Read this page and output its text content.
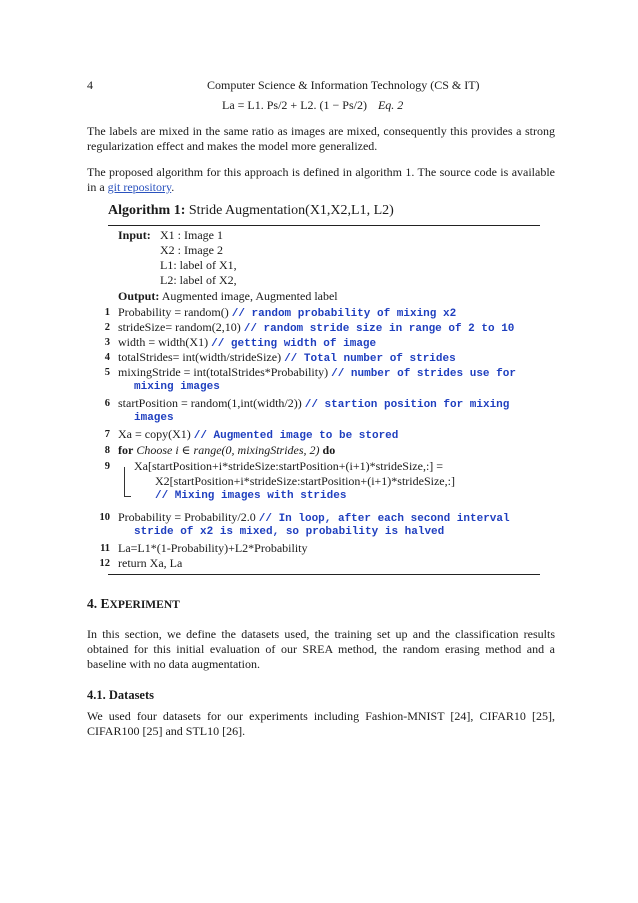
4	Computer Science & Information Technology (CS & IT)
La = L1. Ps/2 + L2. (1 − Ps/2) Eq. 2
The labels are mixed in the same ratio as images are mixed, consequently this provides a strong regularization effect and makes the model more generalized.
The proposed algorithm for this approach is defined in algorithm 1. The source code is available in a git repository.
Algorithm 1: Stride Augmentation(X1,X2,L1, L2)
Input: X1 : Image 1
X2 : Image 2
L1: label of X1,
L2: label of X2,
Output: Augmented image, Augmented label
1 Probability = random() // random probability of mixing x2
2 strideSize= random(2,10) // random stride size in range of 2 to 10
3 width = width(X1) // getting width of image
4 totalStrides= int(width/strideSize) // Total number of strides
5 mixingStride = int(totalStrides*Probability) // number of strides use for
mixing images
6 startPosition = random(1,int(width/2)) // startion position for mixing
images
7 Xa = copy(X1) // Augmented image to be stored
8 for Choose i ∈ range(0, mixingStrides, 2) do
9 Xa[startPosition+i*strideSize:startPosition+(i+1)*strideSize,:] =
X2[startPosition+i*strideSize:startPosition+(i+1)*strideSize,:]
// Mixing images with strides
10 Probability = Probability/2.0 // In loop, after each second interval
stride of x2 is mixed, so probability is halved
11 La=L1*(1-Probability)+L2*Probability
12 return Xa, La
4. EXPERIMENT
In this section, we define the datasets used, the training set up and the classification results obtained for this initial evaluation of our SREA method, the random erasing method and a baseline with no data augmentation.
4.1. Datasets
We used four datasets for our experiments including Fashion-MNIST [24], CIFAR10 [25], CIFAR100 [25] and STL10 [26].
